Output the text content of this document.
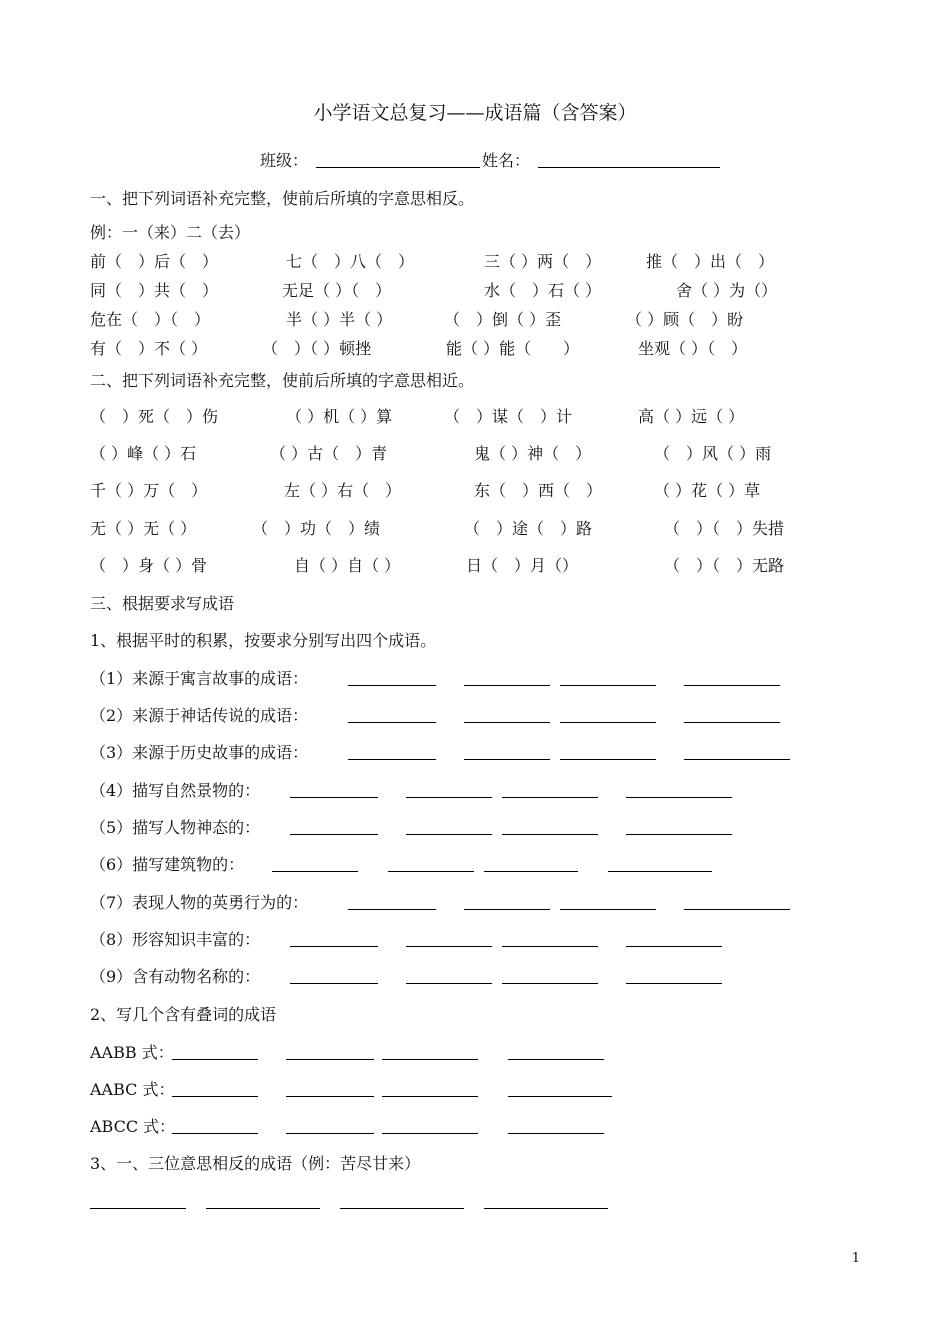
小学语文总复习——成语篇（含答案）
班级：	姓名：
一、把下列词语补充完整，使前后所填的字意思相反。
例：一（来）二（去）
前（　）后（　）	七（　）八（　）	三（ ）两（　）	推（　）出（　）
同（　）共（　）	无足（ ）（　）	水（　）石（ ）	舍（ ）为（）
危在（　）（　）	半（ ）半（ ）	（　）倒（ ）歪	（ ）顾（　）盼
有（　）不（ ）	（　）（ ）顿挫	能（ ）能（　　）	坐观（ ）（　）
二、把下列词语补充完整，使前后所填的字意思相近。
（　）死（　）伤	（ ）机（ ）算	（　）谋（　）计	高（ ）远（ ）
（ ）峰（ ）石	（ ）古（　）青	鬼（ ）神（　）	（　）风（ ）雨
千（ ）万（　）	左（ ）右（　）	东（　）西（　）	（ ）花（ ）草
无（ ）无（ ）	（　）功（　）绩	（　）途（　）路	（　）（　）失措
（　）身（ ）骨	自（ ）自（ ）	日（　）月（）	（　）（　）无路
三、根据要求写成语
1、根据平时的积累，按要求分别写出四个成语。
（1）来源于寓言故事的成语：
（2）来源于神话传说的成语：
（3）来源于历史故事的成语：
（4）描写自然景物的：
（5）描写人物神态的：
（6）描写建筑物的：
（7）表现人物的英勇行为的：
（8）形容知识丰富的：
（9）含有动物名称的：
2、写几个含有叠词的成语
AABB 式：
AABC 式：
ABCC 式：
3、一、三位意思相反的成语（例：苦尽甘来）
1
